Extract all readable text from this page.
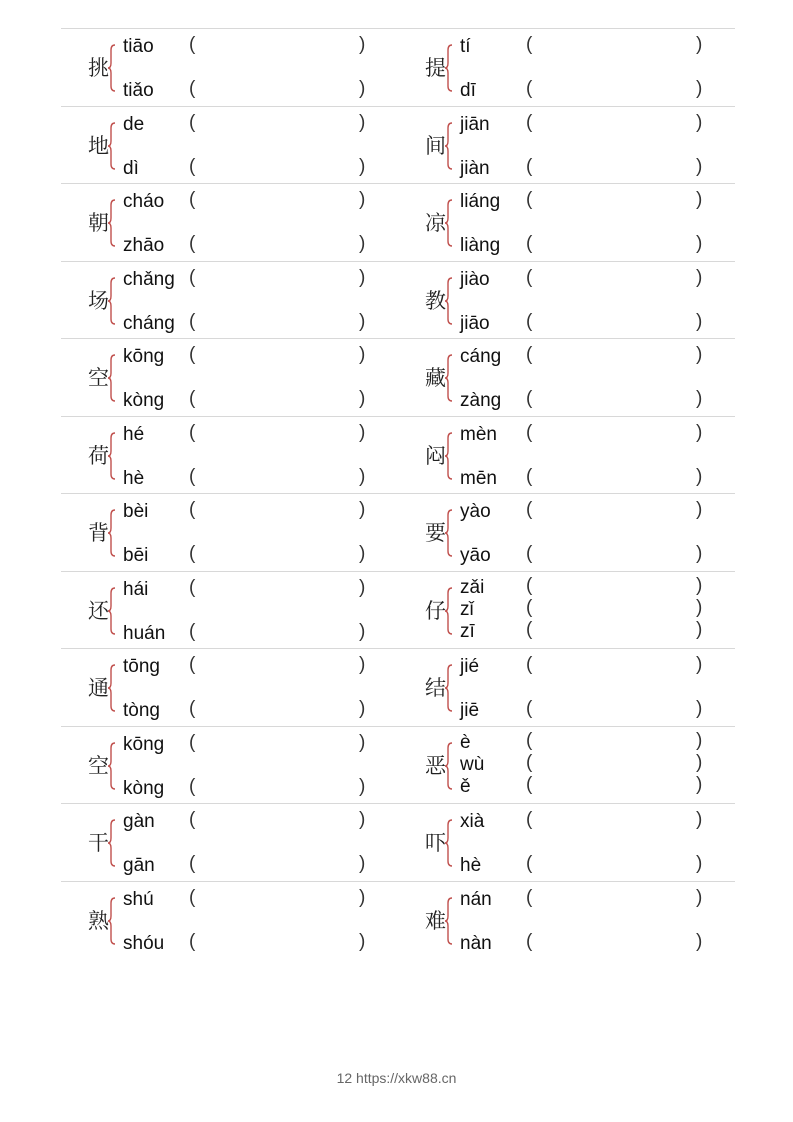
挑
tiāo (	)
tiǎo (	)
提
tí	(	)
dī	(	)
地
de (	)
dì	(	)
间
jiān (	)
jiàn (	)
朝
cháo (	)
zhāo (	)
凉
liáng (	)
liàng (	)
场
chǎng (	)
cháng (	)
教
jiào (	)
jiāo (	)
空
kōng (	)
kòng (	)
藏
cáng (	)
zàng (	)
荷
hé (	)
hè (	)
闷
mèn (	)
mēn (	)
背
bèi (	)
bēi (	)
要
yào (	)
yāo (	)
还
hái (	)
huán (	)
仔
zǎi (	)
zǐ	(	)
zī	(	)
通
tōng (	)
tòng (	)
结
jié (	)
jiē (	)
空
kōng (	)
kòng (	)
恶
è	(	)
wù (	)
ě	(	)
干
gàn (	)
gān (	)
吓
xià (	)
hè (	)
熟
shú (	)
shóu (	)
难
nán (	)
nàn (	)
12 https://xkw88.cn
